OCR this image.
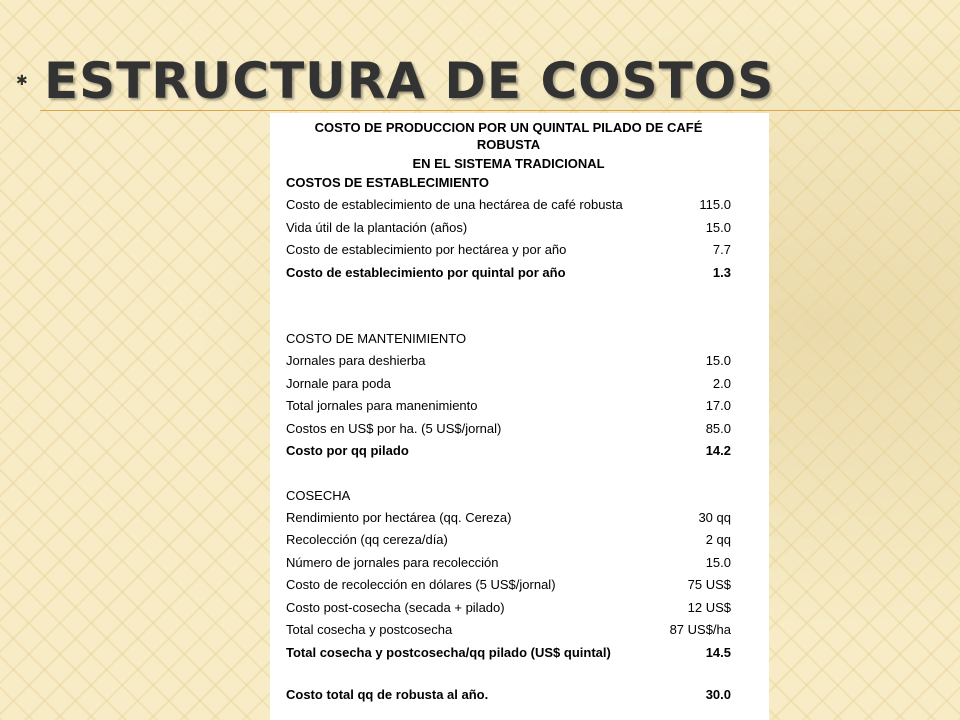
✱ ESTRUCTURA DE COSTOS
COSTO DE PRODUCCION POR UN QUINTAL PILADO DE CAFÉ
ROBUSTA
EN EL SISTEMA TRADICIONAL
COSTOS DE ESTABLECIMIENTO
Costo de establecimiento de una hectárea de café robusta	115.0
Vida útil de la plantación (años)	15.0
Costo de establecimiento por hectárea y por año	7.7
Costo de establecimiento por quintal por año	1.3
COSTO DE MANTENIMIENTO
Jornales para deshierba	15.0
Jornale para poda	2.0
Total jornales para manenimiento	17.0
Costos en US$ por ha. (5 US$/jornal)	85.0
Costo por qq pilado	14.2
COSECHA
Rendimiento por hectárea (qq. Cereza)	30 qq
Recolección (qq cereza/día)	2 qq
Número de jornales para recolección	15.0
Costo de recolección en dólares (5 US$/jornal)	75 US$
Costo post-cosecha (secada + pilado)	12 US$
Total cosecha y postcosecha	87 US$/ha
Total cosecha y postcosecha/qq pilado (US$ quintal)	14.5
Costo total qq de robusta al año.	30.0
